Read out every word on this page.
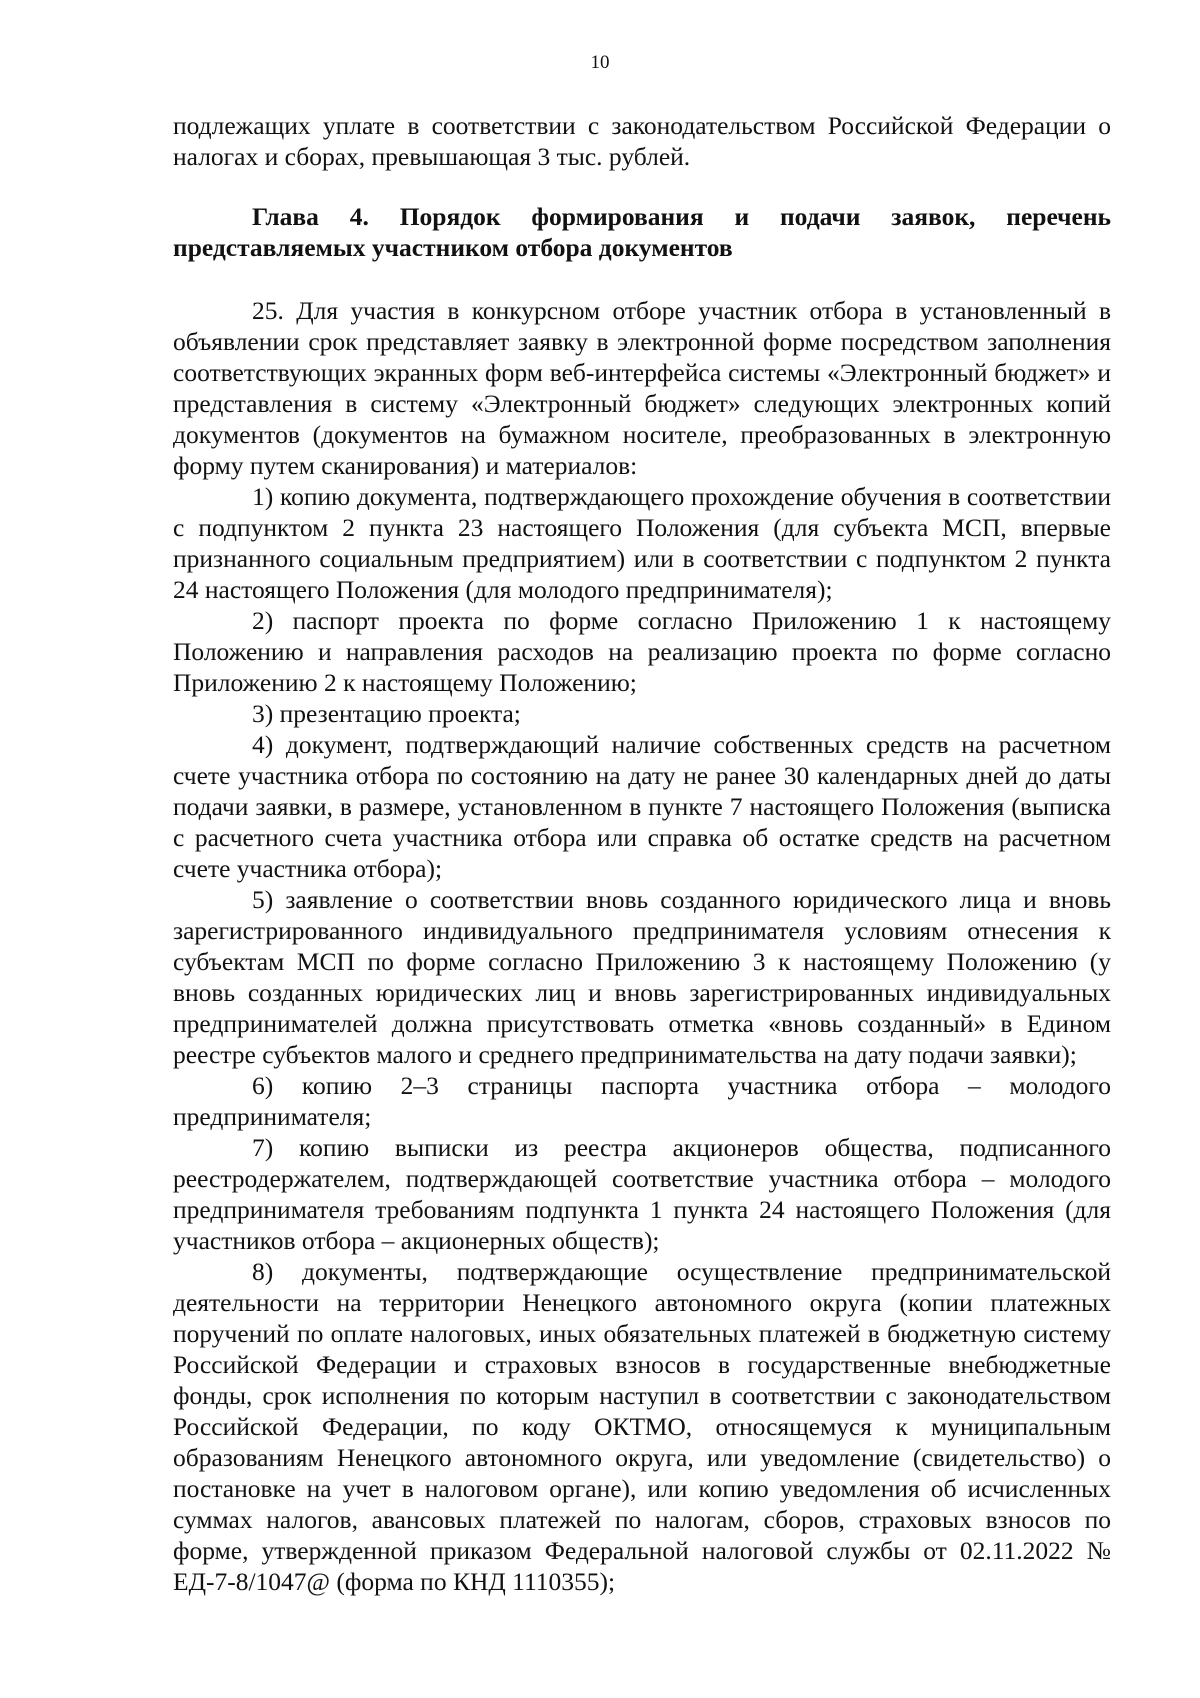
10

подлежащих уплате в соответствии с законодательством Российской Федерации о налогах и сборах, превышающая 3 тыс. рублей.

Глава 4. Порядок формирования и подачи заявок, перечень представляемых участником отбора документов

25. Для участия в конкурсном отборе участник отбора в установленный в объявлении срок представляет заявку в электронной форме посредством заполнения соответствующих экранных форм веб-интерфейса системы «Электронный бюджет» и представления в систему «Электронный бюджет» следующих электронных копий документов (документов на бумажном носителе, преобразованных в электронную форму путем сканирования) и материалов:

1) копию документа, подтверждающего прохождение обучения в соответствии с подпунктом 2 пункта 23 настоящего Положения (для субъекта МСП, впервые признанного социальным предприятием) или в соответствии с подпунктом 2 пункта 24 настоящего Положения (для молодого предпринимателя);

2) паспорт проекта по форме согласно Приложению 1 к настоящему Положению и направления расходов на реализацию проекта по форме согласно Приложению 2 к настоящему Положению;

3) презентацию проекта;

4) документ, подтверждающий наличие собственных средств на расчетном счете участника отбора по состоянию на дату не ранее 30 календарных дней до даты подачи заявки, в размере, установленном в пункте 7 настоящего Положения (выписка с расчетного счета участника отбора или справка об остатке средств на расчетном счете участника отбора);

5) заявление о соответствии вновь созданного юридического лица и вновь зарегистрированного индивидуального предпринимателя условиям отнесения к субъектам МСП по форме согласно Приложению 3 к настоящему Положению (у вновь созданных юридических лиц и вновь зарегистрированных индивидуальных предпринимателей должна присутствовать отметка «вновь созданный» в Едином реестре субъектов малого и среднего предпринимательства на дату подачи заявки);

6) копию 2–3 страницы паспорта участника отбора – молодого предпринимателя;

7) копию выписки из реестра акционеров общества, подписанного реестродержателем, подтверждающей соответствие участника отбора – молодого предпринимателя требованиям подпункта 1 пункта 24 настоящего Положения (для участников отбора – акционерных обществ);

8) документы, подтверждающие осуществление предпринимательской деятельности на территории Ненецкого автономного округа (копии платежных поручений по оплате налоговых, иных обязательных платежей в бюджетную систему Российской Федерации и страховых взносов в государственные внебюджетные фонды, срок исполнения по которым наступил в соответствии с законодательством Российской Федерации, по коду ОКТМО, относящемуся к муниципальным образованиям Ненецкого автономного округа, или уведомление (свидетельство) о постановке на учет в налоговом органе), или копию уведомления об исчисленных суммах налогов, авансовых платежей по налогам, сборов, страховых взносов по форме, утвержденной приказом Федеральной налоговой службы от 02.11.2022 № ЕД-7-8/1047@ (форма по КНД 1110355);
